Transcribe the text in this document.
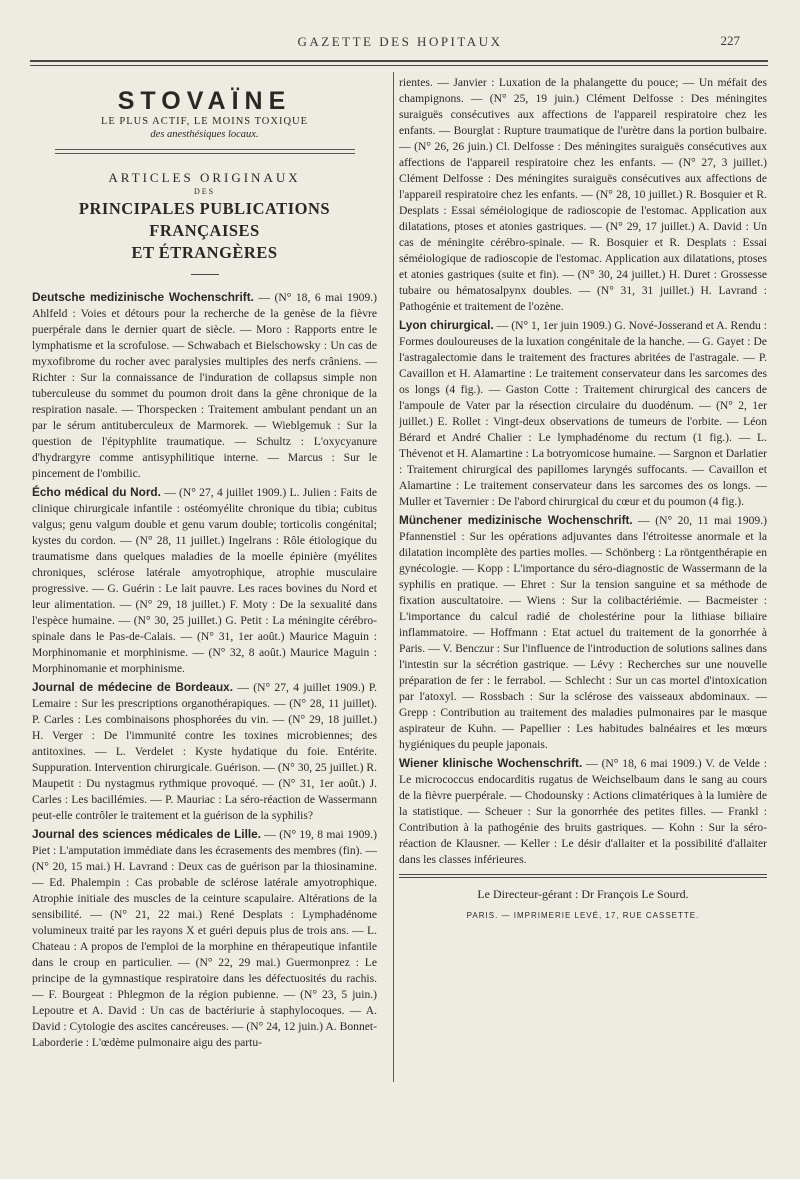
GAZETTE DES HOPITAUX	227
STOVAÏNE
LE PLUS ACTIF, LE MOINS TOXIQUE
des anesthésiques locaux.
ARTICLES ORIGINAUX
DES
PRINCIPALES PUBLICATIONS FRANÇAISES
ET ÉTRANGÈRES

Deutsche medizinische Wochenschrift. — (N° 18, 6 mai 1909.) Ahlfeld : Voies et détours pour la recherche de la genèse de la fièvre puerpérale dans le dernier quart de siècle. — Moro : Rapports entre le lymphatisme et la scrofulose. — Schwabach et Bielschowsky : Un cas de myxofibrome du rocher avec paralysies multiples des nerfs crâniens. — Richter : Sur la connaissance de l'induration de collapsus simple non tuberculeuse du sommet du poumon droit dans la gêne chronique de la respiration nasale. — Thorspecken : Traitement ambulant pendant un an par le sérum antituberculeux de Marmorek. — Wieblgemuk : Sur la question de l'épityphlite traumatique. — Schultz : L'oxycyanure d'hydrargyre comme antisyphilitique interne. — Marcus : Sur le pincement de l'ombilic.

Écho médical du Nord. — (N° 27, 4 juillet 1909.) L. Julien : Faits de clinique chirurgicale infantile : ostéomyélite chronique du tibia; cubitus valgus; genu valgum double et genu varum double; torticolis congénital; kystes du cordon. — (N° 28, 11 juillet.) Ingelrans : Rôle étiologique du traumatisme dans quelques maladies de la moelle épinière (myélites chroniques, sclérose latérale amyotrophique, atrophie musculaire progressive. — G. Guérin : Le lait pauvre. Les races bovines du Nord et leur alimentation. — (N° 29, 18 juillet.) F. Moty : De la sexualité dans l'espèce humaine. — (N° 30, 25 juillet.) G. Petit : La méningite cérébro-spinale dans le Pas-de-Calais. — (N° 31, 1er août.) Maurice Maguin : Morphinomanie et morphinisme. — (N° 32, 8 août.) Maurice Maguin : Morphinomanie et morphinisme.

Journal de médecine de Bordeaux. — (N° 27, 4 juillet 1909.) P. Lemaire : Sur les prescriptions organothérapiques. — (N° 28, 11 juillet). P. Carles : Les combinaisons phosphorées du vin. — (N° 29, 18 juillet.) H. Verger : De l'immunité contre les toxines microbiennes; des antitoxines. — L. Verdelet : Kyste hydatique du foie. Entérite. Suppuration. Intervention chirurgicale. Guérison. — (N° 30, 25 juillet.) R. Maupetit : Du nystagmus rythmique provoqué. — (N° 31, 1er août.) J. Carles : Les bacillémies. — P. Mauriac : La séro-réaction de Wassermann peut-elle contrôler le traitement et la guérison de la syphilis?

Journal des sciences médicales de Lille. — (N° 19, 8 mai 1909.) Piet : L'amputation immédiate dans les écrasements des membres (fin). — (N° 20, 15 mai.) H. Lavrand : Deux cas de guérison par la thiosinamine. — Ed. Phalempin : Cas probable de sclérose latérale amyotrophique. Atrophie initiale des muscles de la ceinture scapulaire. Altérations de la sensibilité. — (N° 21, 22 mai.) René Desplats : Lymphadénome volumineux traité par les rayons X et guéri depuis plus de trois ans. — L. Chateau : A propos de l'emploi de la morphine en thérapeutique infantile dans le croup en particulier. — (N° 22, 29 mai.) Guermonprez : Le principe de la gymnastique respiratoire dans les défectuosités du rachis. — F. Bourgeat : Phlegmon de la région pubienne. — (N° 23, 5 juin.) Lepoutre et A. David : Un cas de bactériurie à staphylocoques. — A. David : Cytologie des ascites cancéreuses. — (N° 24, 12 juin.) A. Bonnet-Laborderie : L'œdème pulmonaire aigu des partu-

rientes. — Janvier : Luxation de la phalangette du pouce; — Un méfait des champignons. — (N° 25, 19 juin.) Clément Delfosse : Des méningites suraiguës consécutives aux affections de l'appareil respiratoire chez les enfants. — Bourglat : Rupture traumatique de l'urètre dans la portion bulbaire. — (N° 26, 26 juin.) Cl. Delfosse : Des méningites suraiguës consécutives aux affections de l'appareil respiratoire chez les enfants. — (N° 27, 3 juillet.) Clément Delfosse : Des méningites suraiguës consécutives aux affections de l'appareil respiratoire chez les enfants. — (N° 28, 10 juillet.) R. Bosquier et R. Desplats : Essai séméiologique de radioscopie de l'estomac. Application aux dilatations, ptoses et atonies gastriques. — (N° 29, 17 juillet.) A. David : Un cas de méningite cérébro-spinale. — R. Bosquier et R. Desplats : Essai séméiologique de radioscopie de l'estomac. Application aux dilatations, ptoses et atonies gastriques (suite et fin). — (N° 30, 24 juillet.) H. Duret : Grossesse tubaire ou hématosalpynx doubles. — (N° 31, 31 juillet.) H. Lavrand : Pathogénie et traitement de l'ozène.

Lyon chirurgical. — (N° 1, 1er juin 1909.) G. Nové-Josserand et A. Rendu : Formes douloureuses de la luxation congénitale de la hanche. — G. Gayet : De l'astragalectomie dans le traitement des fractures abritées de l'astragale. — P. Cavaillon et H. Alamartine : Le traitement conservateur dans les sarcomes des os longs (4 fig.). — Gaston Cotte : Traitement chirurgical des cancers de l'ampoule de Vater par la résection circulaire du duodénum. — (N° 2, 1er juillet.) E. Rollet : Vingt-deux observations de tumeurs de l'orbite. — Léon Bérard et André Chalier : Le lymphadénome du rectum (1 fig.). — L. Thévenot et H. Alamartine : La botryomicose humaine. — Sargnon et Darlatier : Traitement chirurgical des papillomes laryngés suffocants. — Cavaillon et Alamartine : Le traitement conservateur dans les sarcomes des os longs. — Muller et Tavernier : De l'abord chirurgical du cœur et du poumon (4 fig.).

Münchener medizinische Wochenschrift. — (N° 20, 11 mai 1909.) Pfannenstiel : Sur les opérations adjuvantes dans l'étroitesse anormale et la dilatation incomplète des parties molles. — Schönberg : La röntgenthérapie en gynécologie. — Kopp : L'importance du séro-diagnostic de Wassermann de la syphilis en pratique. — Ehret : Sur la tension sanguine et sa méthode de fixation auscultatoire. — Wiens : Sur la colibactériémie. — Bacmeister : L'importance du calcul radié de cholestérine pour la lithiase biliaire inflammatoire. — Hoffmann : Etat actuel du traitement de la gonorrhée à Paris. — V. Benczur : Sur l'influence de l'introduction de solutions salines dans l'intestin sur la sécrétion gastrique. — Lévy : Recherches sur une nouvelle préparation de fer : le ferrabol. — Schlecht : Sur un cas mortel d'intoxication par l'atoxyl. — Rossbach : Sur la sclérose des vaisseaux abdominaux. — Grepp : Contribution au traitement des maladies pulmonaires par le masque aspirateur de Kuhn. — Papellier : Les habitudes balnéaires et les mœurs hygiéniques du peuple japonais.

Wiener klinische Wochenschrift. — (N° 18, 6 mai 1909.) V. de Velde : Le micrococcus endocarditis rugatus de Weichselbaum dans le sang au cours de la fièvre puerpérale. — Chodounsky : Actions climatériques à la lumière de la statistique. — Scheuer : Sur la gonorrhée des petites filles. — Frankl : Contribution à la pathogénie des bruits gastriques. — Kohn : Sur la séro-réaction de Klausner. — Keller : Le désir d'allaiter et la possibilité d'allaiter dans les classes inférieures.

Le Directeur-gérant : Dr François Le Sourd.
PARIS. — IMPRIMERIE LEVÉ, 17, RUE CASSETTE.
